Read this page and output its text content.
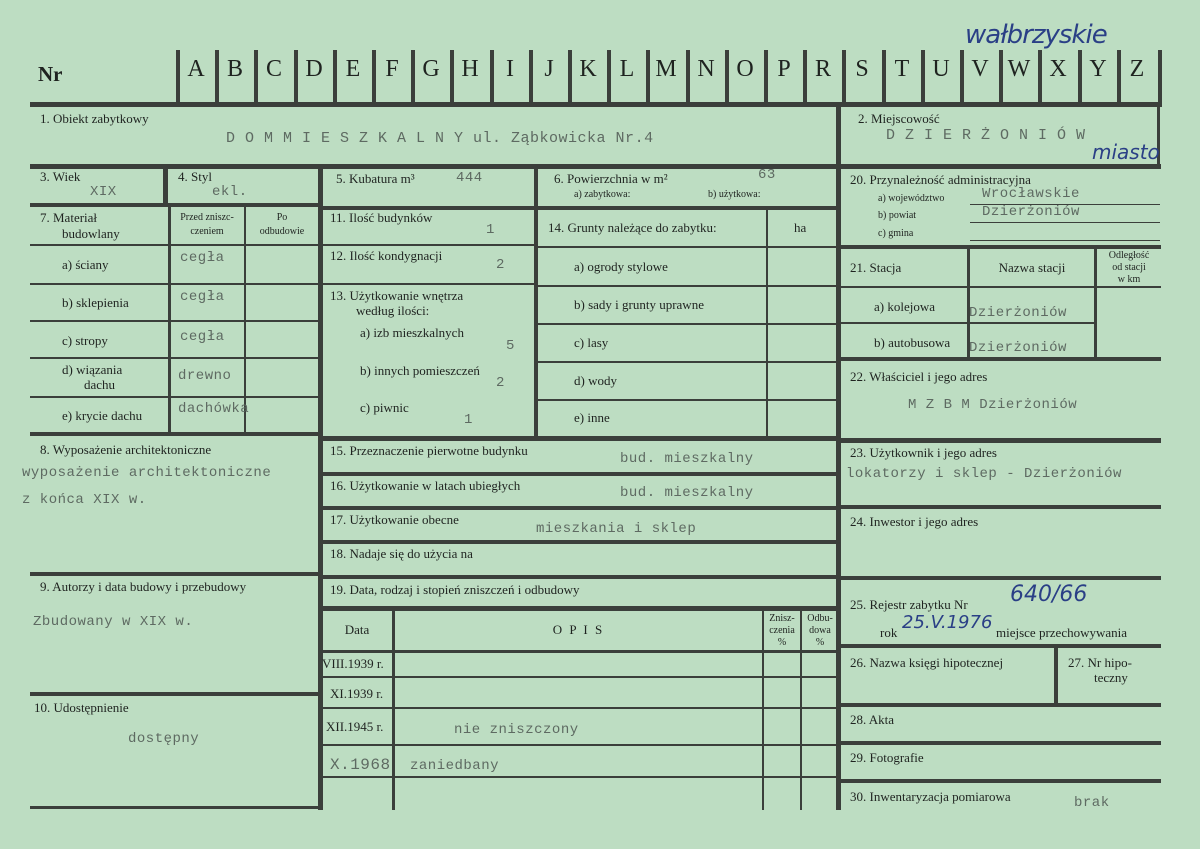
Nr
wałbrzyskie
1. Obiekt zabytkowy
D O M M I E S Z K A L N Y ul. Ząbkowicka Nr.4
2. Miejscowość
D Z I E R Ż O N I Ó W
miasto
3. Wiek
XIX
4. Styl
ekl.
5. Kubatura m³	444	6. Powierzchnia w m²
a) zabytkowa:	b) użytkowa:
63
7. Materiał
budowlany
Przed zniszc-
czeniem
Po
odbudowie
a) ściany	cegła
b) sklepienia	cegła
c) stropy	cegła
d) wiązania
dachu
drewno
e) krycie dachu	dachówka
8. Wyposażenie architektoniczne
wyposażenie architektoniczne
z końca XIX w.
9. Autorzy i data budowy i przebudowy
Zbudowany w XIX w.
10. Udostępnienie
dostępny
11. Ilość budynków
1
12. Ilość kondygnacji
2
13. Użytkowanie wnętrza
według ilości:
a) izb mieszkalnych
5
b) innych pomieszczeń
2
c) piwnic
1
14. Grunty należące do zabytku:	ha
a) ogrody stylowe
b) sady i grunty uprawne
c) lasy
d) wody
e) inne
15. Przeznaczenie pierwotne budynku
bud. mieszkalny
16. Użytkowanie w latach ubiegłych	bud. mieszkalny
17. Użytkowanie obecne
mieszkania i sklep
18. Nadaje się do użycia na
19. Data, rodzaj i stopień zniszczeń i odbudowy
Data	O P I S
Znisz-
czenia
%
Odbu-
dowa
%
VIII.1939 r.
XI.1939 r.
XII.1945 r.	nie zniszczony
X.1968 zaniedbany
20. Przynależność administracyjna
a) województwo	Wrocławskie
b) powiat	Dzierżoniów
c) gmina
21. Stacja	Nazwa stacji
Odległość
od stacji
w km
a) kolejowa Dzierżoniów
b) autobusowa Dzierżoniów
22. Właściciel i jego adres
M Z B M Dzierżoniów
23. Użytkownik i jego adres
lokatorzy i sklep - Dzierżoniów
24. Inwestor i jego adres
25. Rejestr zabytku Nr 640/66
rok 25.V.1976 miejsce przechowywania
26. Nazwa księgi hipotecznej	27. Nr hipo-
teczny
28. Akta
29. Fotografie
30. Inwentaryzacja pomiarowa	brak
A B C D E	F G H	I	J	K L M N O P	R	S	T U V W X Y Z
